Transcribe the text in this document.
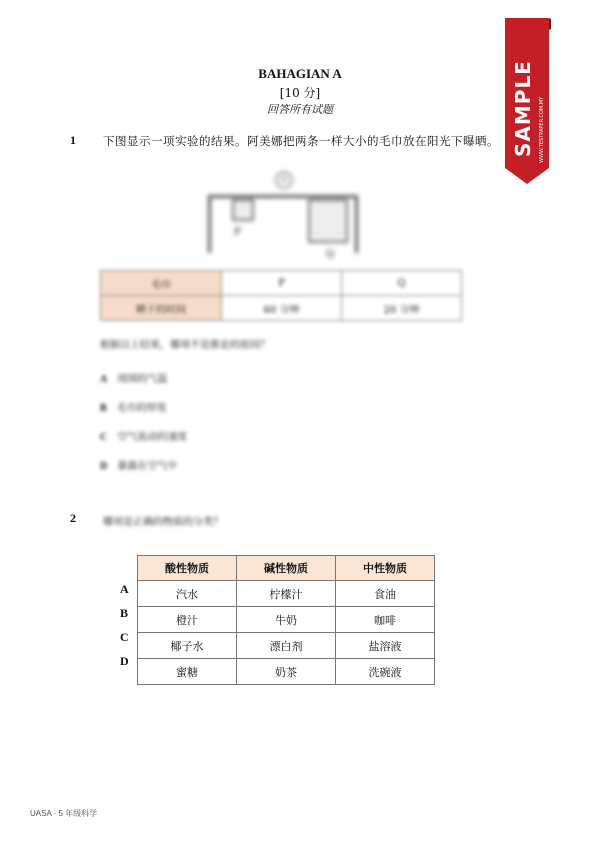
BAHAGIAN A
[10 分]
回答所有试题
1 下图显示一项实验的结果。阿美娜把两条一样大小的毛巾放在阳光下曝晒。
日
P
Q
毛巾	P	Q
晒干的时间	60 分钟	20 分钟
根据以上结果，哪项不是推论的原因？
A 周围的气温
B 毛巾的厚度
C 空气流动的速度
D 暴露在空气中
2	哪项是正确的物质的分类？
酸性物质	碱性物质	中性物质
汽水	柠檬汁	食油
橙汁	牛奶	咖啡
椰子水	漂白剂	盐溶液
蜜糖	奶茶	洗碗液
A
B
C
D
UASA · 5 年级科学
SAMPLE WWW.TESTPAPER.COM.MY
